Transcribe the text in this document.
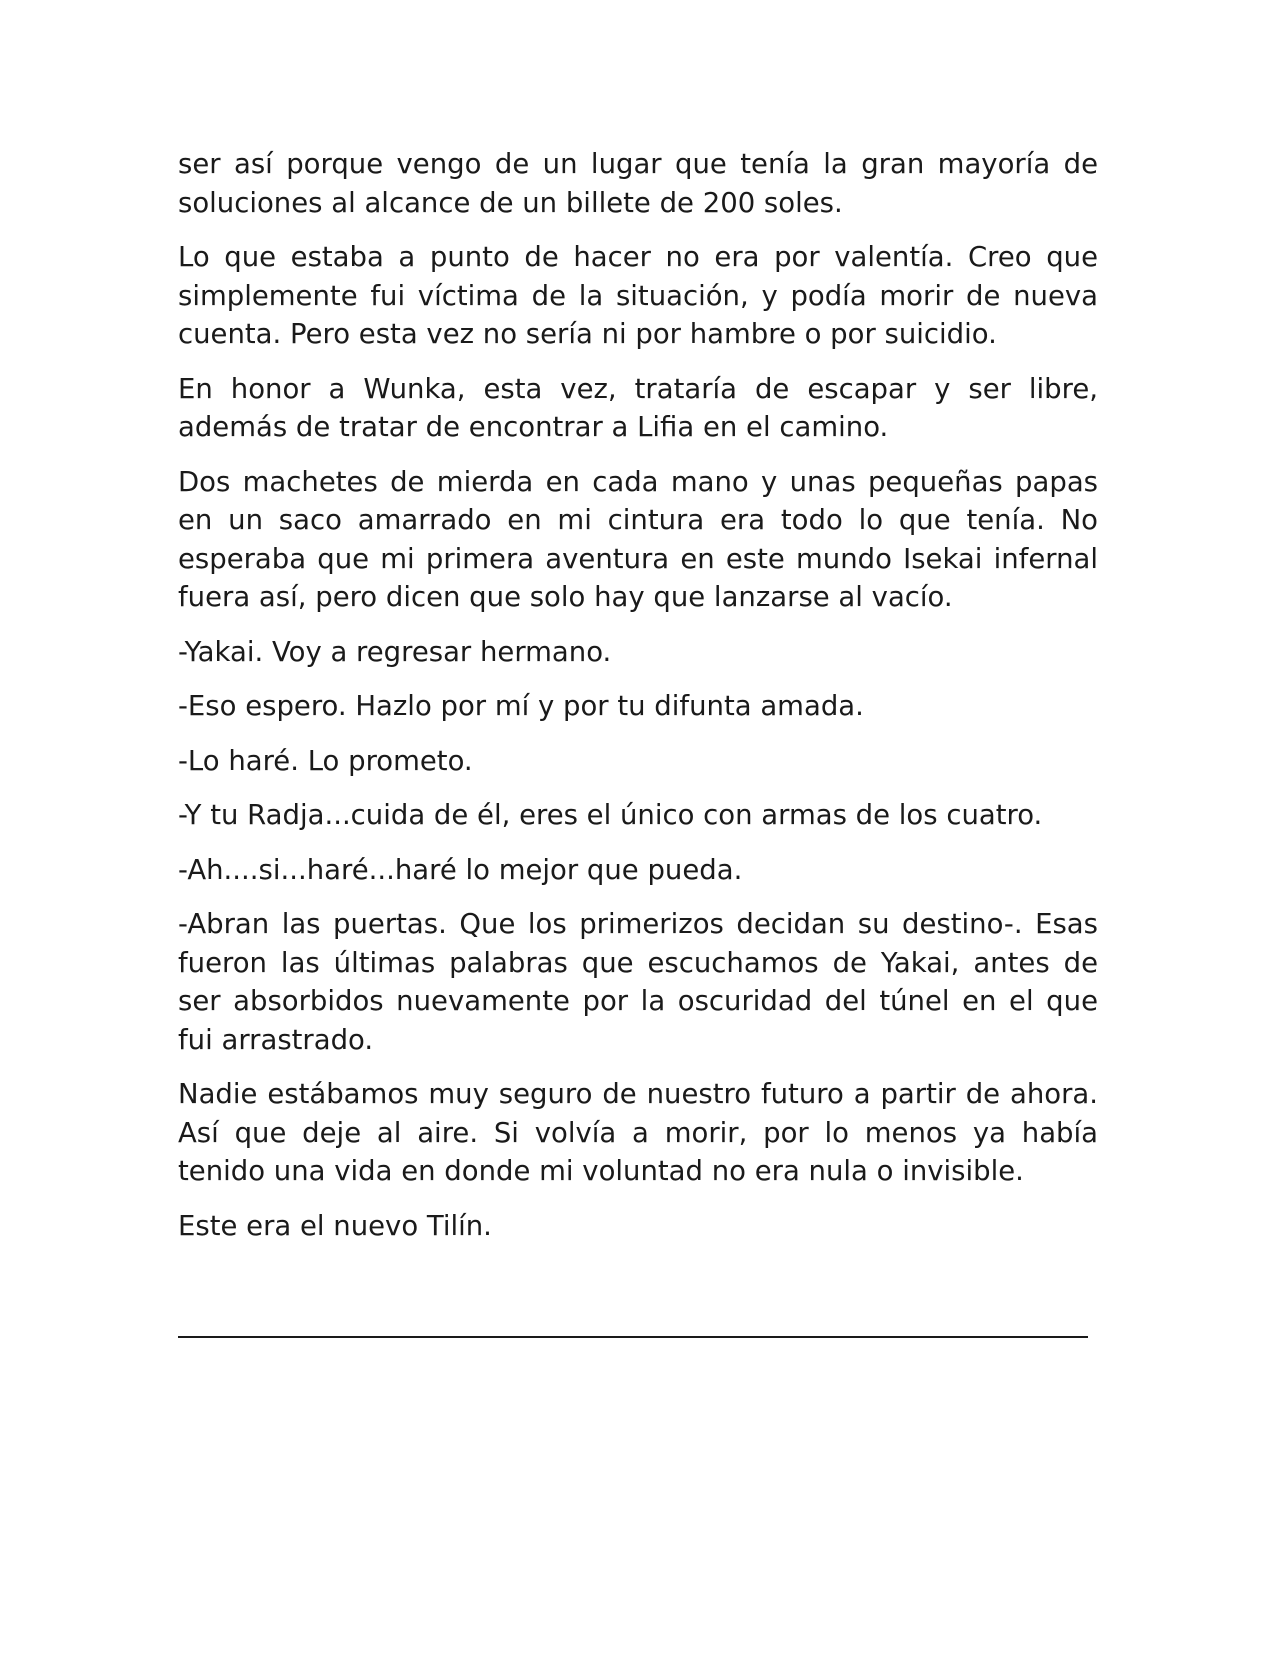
ser así porque vengo de un lugar que tenía la gran mayoría de soluciones al alcance de un billete de 200 soles.

Lo que estaba a punto de hacer no era por valentía. Creo que simplemente fui víctima de la situación, y podía morir de nueva cuenta. Pero esta vez no sería ni por hambre o por suicidio.

En honor a Wunka, esta vez, trataría de escapar y ser libre, además de tratar de encontrar a Lifia en el camino.

Dos machetes de mierda en cada mano y unas pequeñas papas en un saco amarrado en mi cintura era todo lo que tenía. No esperaba que mi primera aventura en este mundo Isekai infernal fuera así, pero dicen que solo hay que lanzarse al vacío.

-Yakai. Voy a regresar hermano.

-Eso espero. Hazlo por mí y por tu difunta amada.

-Lo haré. Lo prometo.

-Y tu Radja...cuida de él, eres el único con armas de los cuatro.

-Ah....si...haré...haré lo mejor que pueda.

-Abran las puertas. Que los primerizos decidan su destino-. Esas fueron las últimas palabras que escuchamos de Yakai, antes de ser absorbidos nuevamente por la oscuridad del túnel en el que fui arrastrado.

Nadie estábamos muy seguro de nuestro futuro a partir de ahora. Así que deje al aire. Si volvía a morir, por lo menos ya había tenido una vida en donde mi voluntad no era nula o invisible.

Este era el nuevo Tilín.
